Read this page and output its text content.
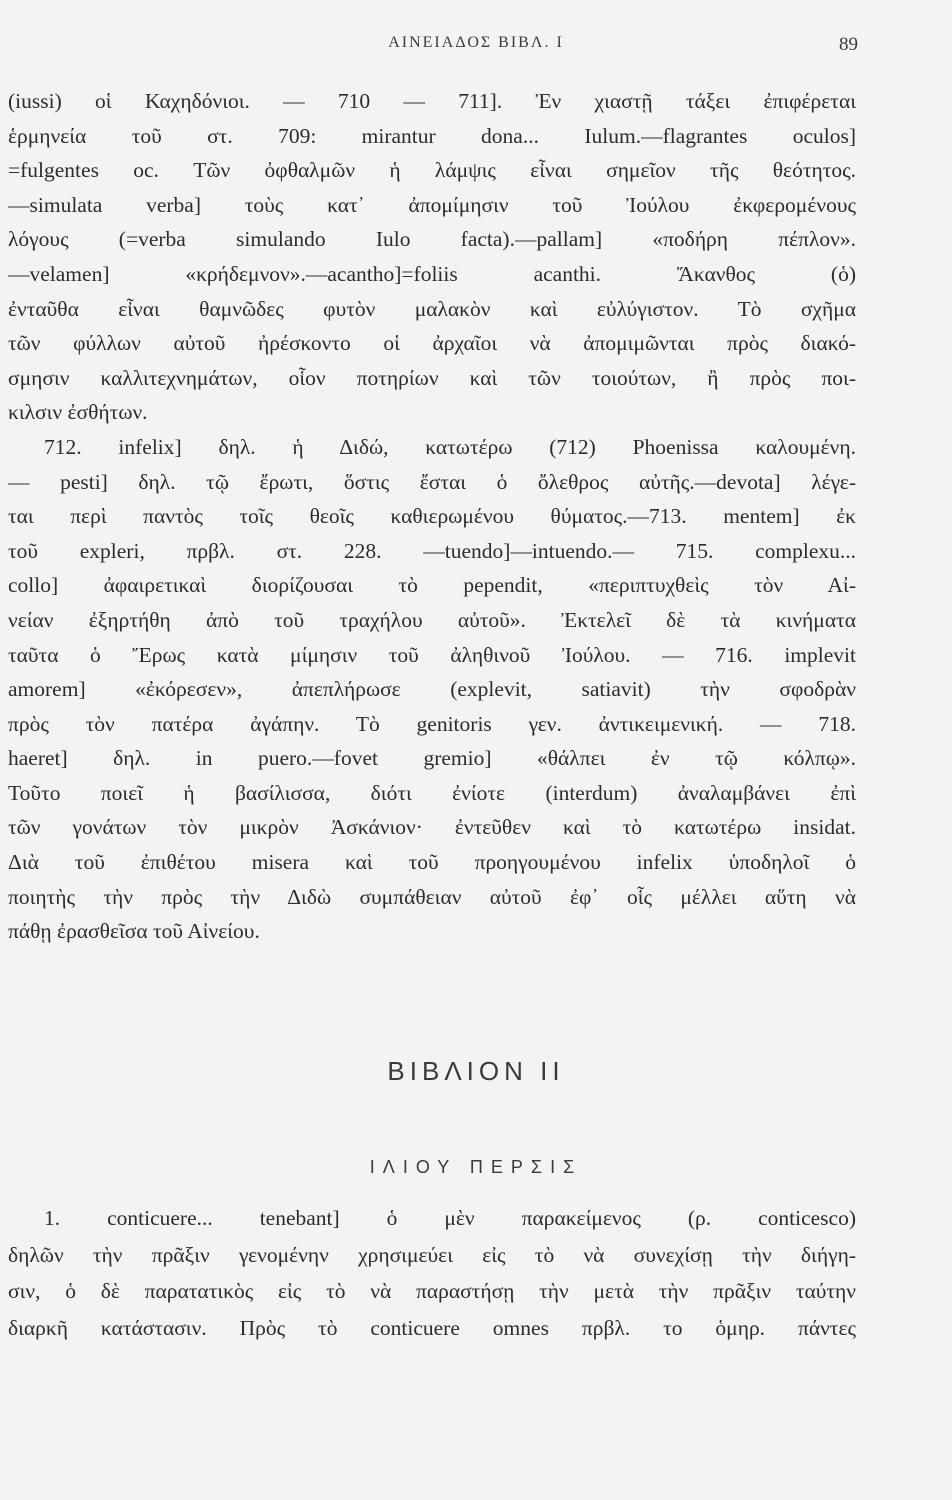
ΑΙΝΕΙΑΔΟΣ ΒΙΒΛ. Ι	89
(iussi) οἱ Καχηδόνιοι. — 710 — 711]. Ἐν χιαστῇ τάξει ἐπιφέρεται
ἑρμηνεία τοῦ στ. 709: mirantur dona... Iulum.—flagrantes oculos]
=fulgentes oc. Τῶν ὀφθαλμῶν ἡ λάμψις εἶναι σημεῖον τῆς θεότητος.
—simulata verba] τοὺς κατ᾽ ἀπομίμησιν τοῦ Ἰούλου ἐκφερομένους
λόγους (=verba simulando Iulo facta).—pallam] «ποδήρη πέπλον».
—velamen] «κρήδεμνον».—acantho]=foliis acanthi. Ἄκανθος (ὁ)
ἐνταῦθα εἶναι θαμνῶδες φυτὸν μαλακὸν καὶ εὐλύγιστον. Τὸ σχῆμα
τῶν φύλλων αὐτοῦ ἠρέσκοντο οἱ ἀρχαῖοι νὰ ἀπομιμῶνται πρὸς διακό-
σμησιν καλλιτεχνημάτων, οἷον ποτηρίων καὶ τῶν τοιούτων, ἢ πρὸς ποι-
κιλσιν ἐσθήτων.
712. infelix] δηλ. ἡ Διδώ, κατωτέρω (712) Phoenissa καλουμένη.
— pesti] δηλ. τῷ ἔρωτι, ὅστις ἔσται ὁ ὄλεθρος αὐτῆς.—devota] λέγε-
ται περὶ παντὸς τοῖς θεοῖς καθιερωμένου θύματος.—713. mentem] ἐκ
τοῦ expleri, πρβλ. στ. 228. —tuendo]—intuendo.— 715. complexu...
collo] ἀφαιρετικαὶ διορίζουσαι τὸ pependit, «περιπτυχθεὶς τὸν Αἰ-
νείαν ἐξηρτήθη ἀπὸ τοῦ τραχήλου αὐτοῦ». Ἐκτελεῖ δὲ τὰ κινήματα
ταῦτα ὁ Ἔρως κατὰ μίμησιν τοῦ ἀληθινοῦ Ἰούλου. — 716. implevit
amorem] «ἐκόρεσεν», ἀπεπλήρωσε (explevit, satiavit) τὴν σφοδρὰν
πρὸς τὸν πατέρα ἀγάπην. Τὸ genitoris γεν. ἀντικειμενική. — 718.
haeret] δηλ. in puero.—fovet gremio] «θάλπει ἐν τῷ κόλπῳ».
Τοῦτο ποιεῖ ἡ βασίλισσα, διότι ἐνίοτε (interdum) ἀναλαμβάνει ἐπὶ
τῶν γονάτων τὸν μικρὸν Ἀσκάνιον· ἐντεῦθεν καὶ τὸ κατωτέρω insidat.
Διὰ τοῦ ἐπιθέτου misera καὶ τοῦ προηγουμένου infelix ὑποδηλοῖ ὁ
ποιητὴς τὴν πρὸς τὴν Διδὼ συμπάθειαν αὐτοῦ ἐφ᾽ οἷς μέλλει αὕτη νὰ
πάθῃ ἐρασθεῖσα τοῦ Αἰνείου.
ΒΙΒΛΙΟΝ ΙΙ
ΙΛΙΟΥ ΠΕΡΣΙΣ
1. conticuere... tenebant] ὁ μὲν παρακείμενος (ρ. conticesco)
δηλῶν τὴν πρᾶξιν γενομένην χρησιμεύει εἰς τὸ νὰ συνεχίσῃ τὴν διήγη-
σιν, ὁ δὲ παρατατικὸς εἰς τὸ νὰ παραστήσῃ τὴν μετὰ τὴν πρᾶξιν ταύτην
διαρκῆ κατάστασιν. Πρὸς τὸ conticuere omnes πρβλ. το ὁμηρ. πάντες
